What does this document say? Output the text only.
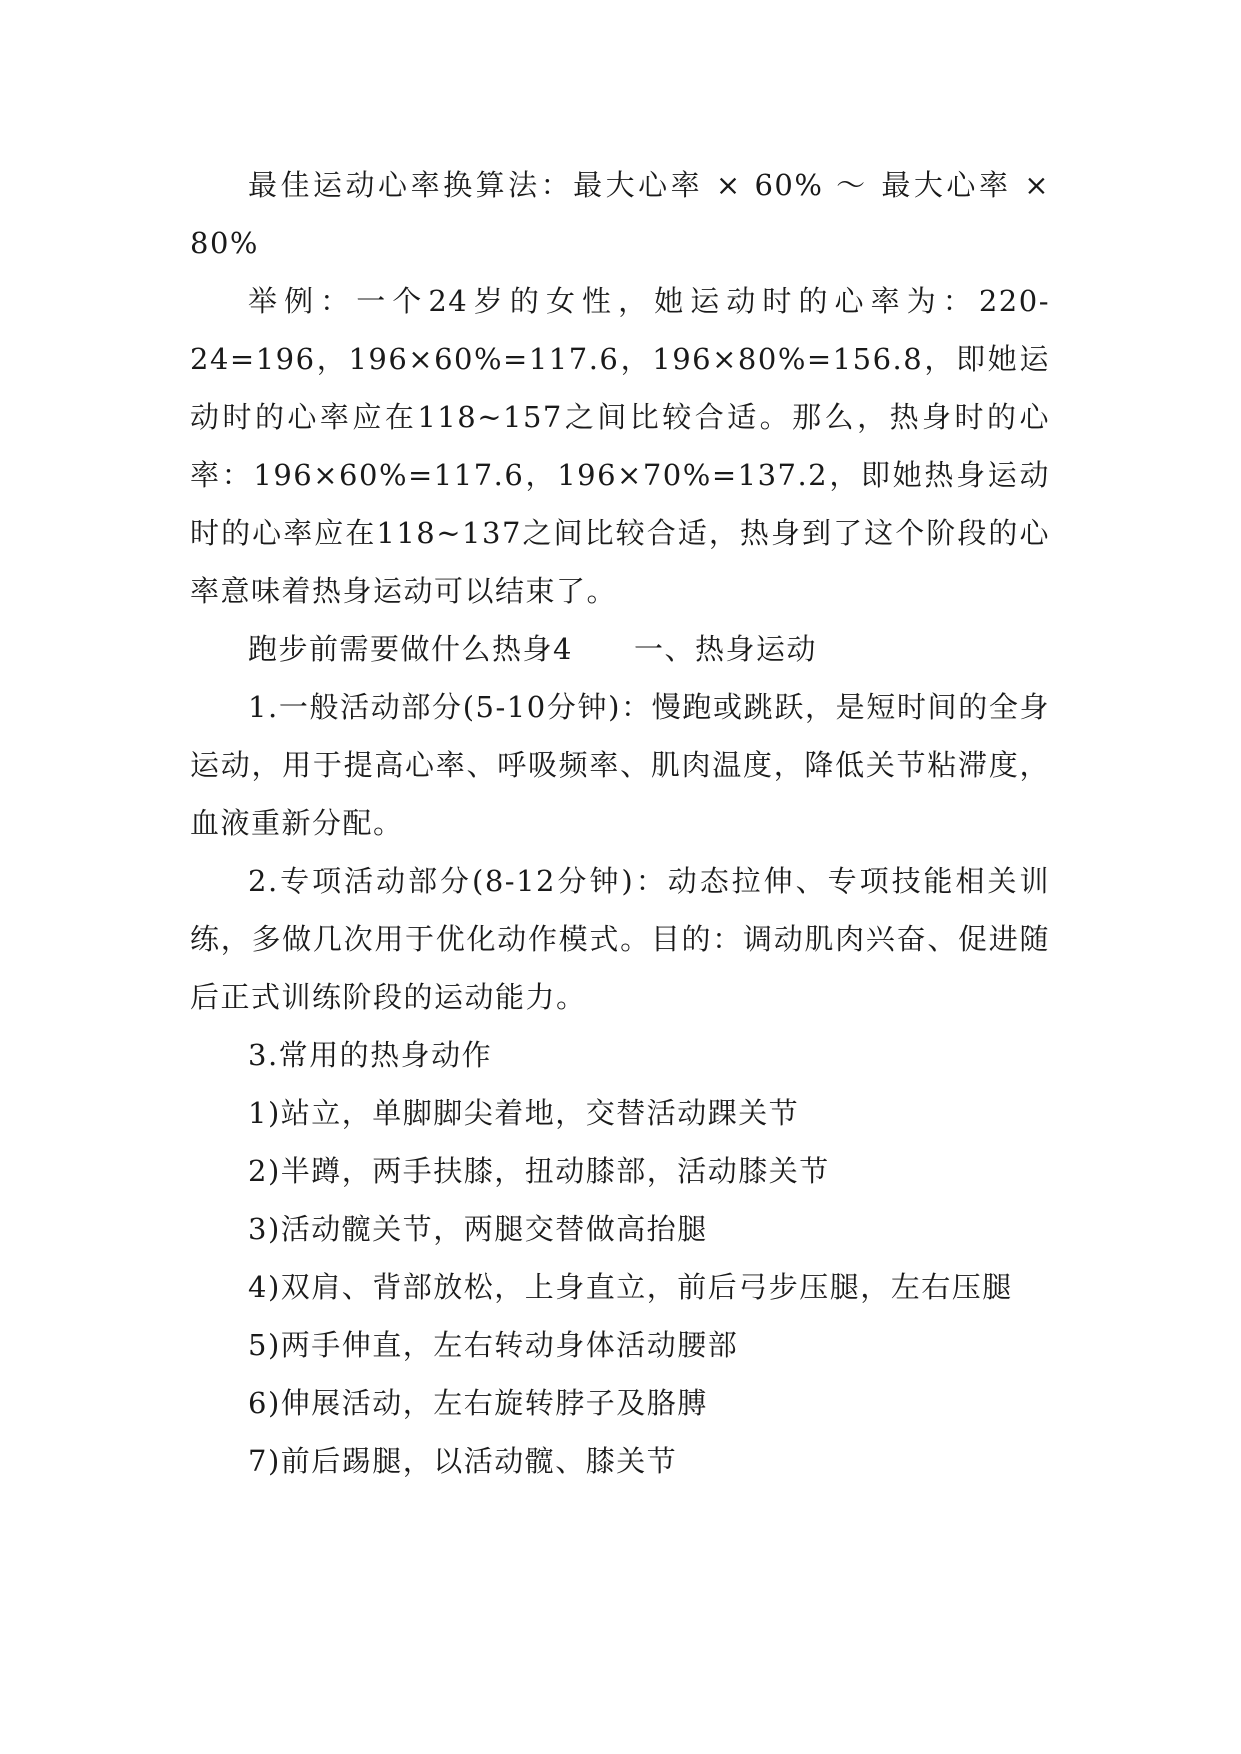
最佳运动心率换算法：最大心率 × 60% ～ 最大心率 × 80%

举例：一个24岁的女性，她运动时的心率为：220-24=196，196×60%=117.6，196×80%=156.8，即她运动时的心率应在118~157之间比较合适。那么，热身时的心率：196×60%=117.6，196×70%=137.2，即她热身运动时的心率应在118~137之间比较合适，热身到了这个阶段的心率意味着热身运动可以结束了。

跑步前需要做什么热身4　　一、热身运动

1.一般活动部分(5-10分钟)：慢跑或跳跃，是短时间的全身运动，用于提高心率、呼吸频率、肌肉温度，降低关节粘滞度，血液重新分配。

2.专项活动部分(8-12分钟)：动态拉伸、专项技能相关训练，多做几次用于优化动作模式。目的：调动肌肉兴奋、促进随后正式训练阶段的运动能力。

3.常用的热身动作

1)站立，单脚脚尖着地，交替活动踝关节

2)半蹲，两手扶膝，扭动膝部，活动膝关节

3)活动髋关节，两腿交替做高抬腿

4)双肩、背部放松，上身直立，前后弓步压腿，左右压腿

5)两手伸直，左右转动身体活动腰部

6)伸展活动，左右旋转脖子及胳膊

7)前后踢腿，以活动髋、膝关节
